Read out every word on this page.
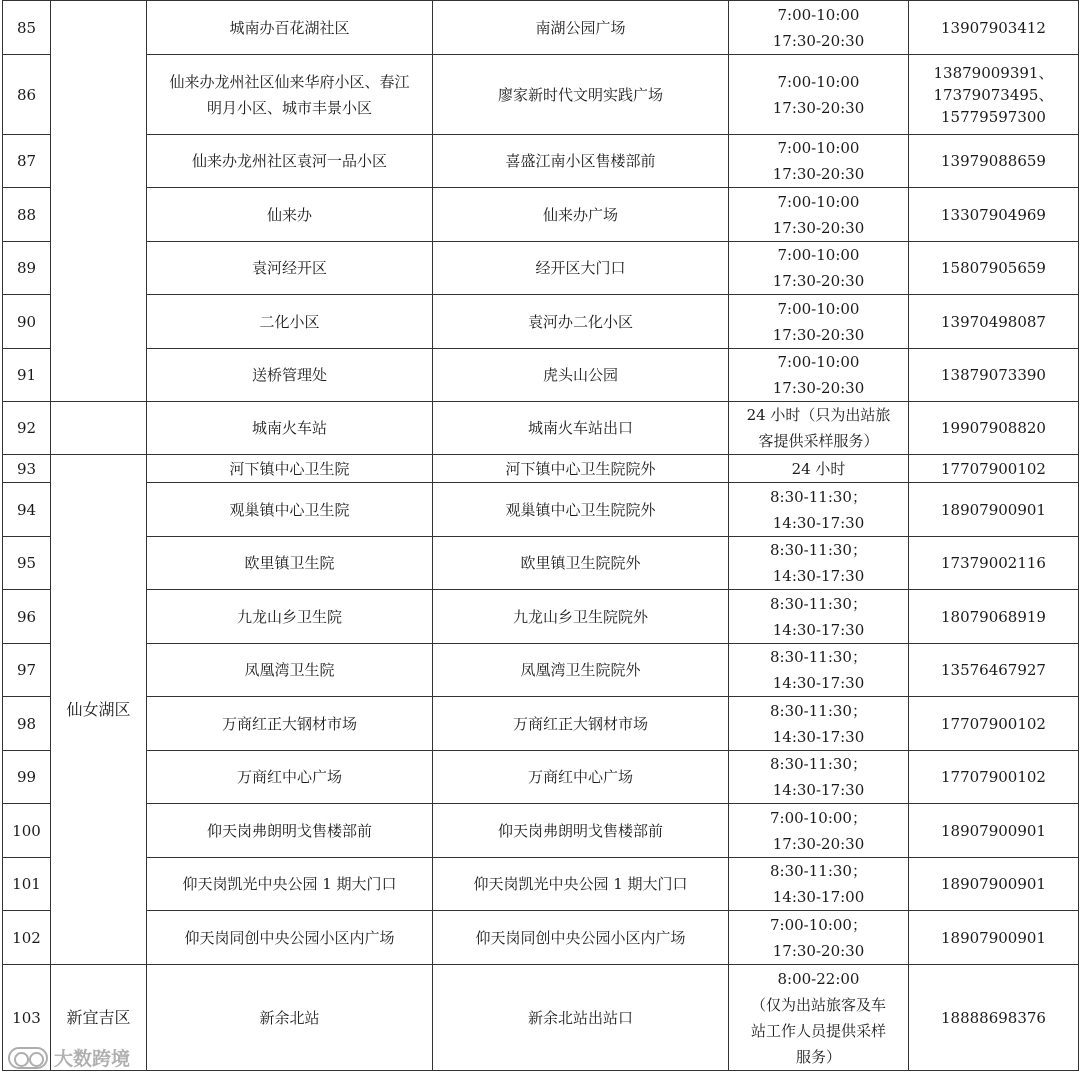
85		城南办百花湖社区	南湖公园广场	7:00-10:00
17:30-20:30	13907903412

86		仙来办龙州社区仙来华府小区、春江
明月小区、城市丰景小区	廖家新时代文明实践广场	7:00-10:00
17:30-20:30	13879009391、
17379073495、
15779597300

87		仙来办龙州社区袁河一品小区	喜盛江南小区售楼部前	7:00-10:00
17:30-20:30	13979088659

88		仙来办	仙来办广场	7:00-10:00
17:30-20:30	13307904969

89		袁河经开区	经开区大门口	7:00-10:00
17:30-20:30	15807905659

90		二化小区	袁河办二化小区	7:00-10:00
17:30-20:30	13970498087

91		送桥管理处	虎头山公园	7:00-10:00
17:30-20:30	13879073390

92		城南火车站	城南火车站出口	24 小时（只为出站旅
客提供采样服务）	19907908820

93	仙女湖区	河下镇中心卫生院	河下镇中心卫生院院外	24 小时	17707900102

94		观巢镇中心卫生院	观巢镇中心卫生院院外	8:30-11:30；
14:30-17:30	18907900901

95		欧里镇卫生院	欧里镇卫生院院外	8:30-11:30；
14:30-17:30	17379002116

96		九龙山乡卫生院	九龙山乡卫生院院外	8:30-11:30；
14:30-17:30	18079068919

97		凤凰湾卫生院	凤凰湾卫生院院外	8:30-11:30；
14:30-17:30	13576467927

98		万商红正大钢材市场	万商红正大钢材市场	8:30-11:30；
14:30-17:30	17707900102

99		万商红中心广场	万商红中心广场	8:30-11:30；
14:30-17:30	17707900102

100		仰天岗弗朗明戈售楼部前	仰天岗弗朗明戈售楼部前	7:00-10:00；
17:30-20:30	18907900901

101		仰天岗凯光中央公园 1 期大门口	仰天岗凯光中央公园 1 期大门口	8:30-11:30；
14:30-17:00	18907900901

102		仰天岗同创中央公园小区内广场	仰天岗同创中央公园小区内广场	7:00-10:00；
17:30-20:30	18907900901

103	新宜吉区	新余北站	新余北站出站口	8:00-22:00
（仅为出站旅客及车
站工作人员提供采样
服务）	18888698376
大数跨境
